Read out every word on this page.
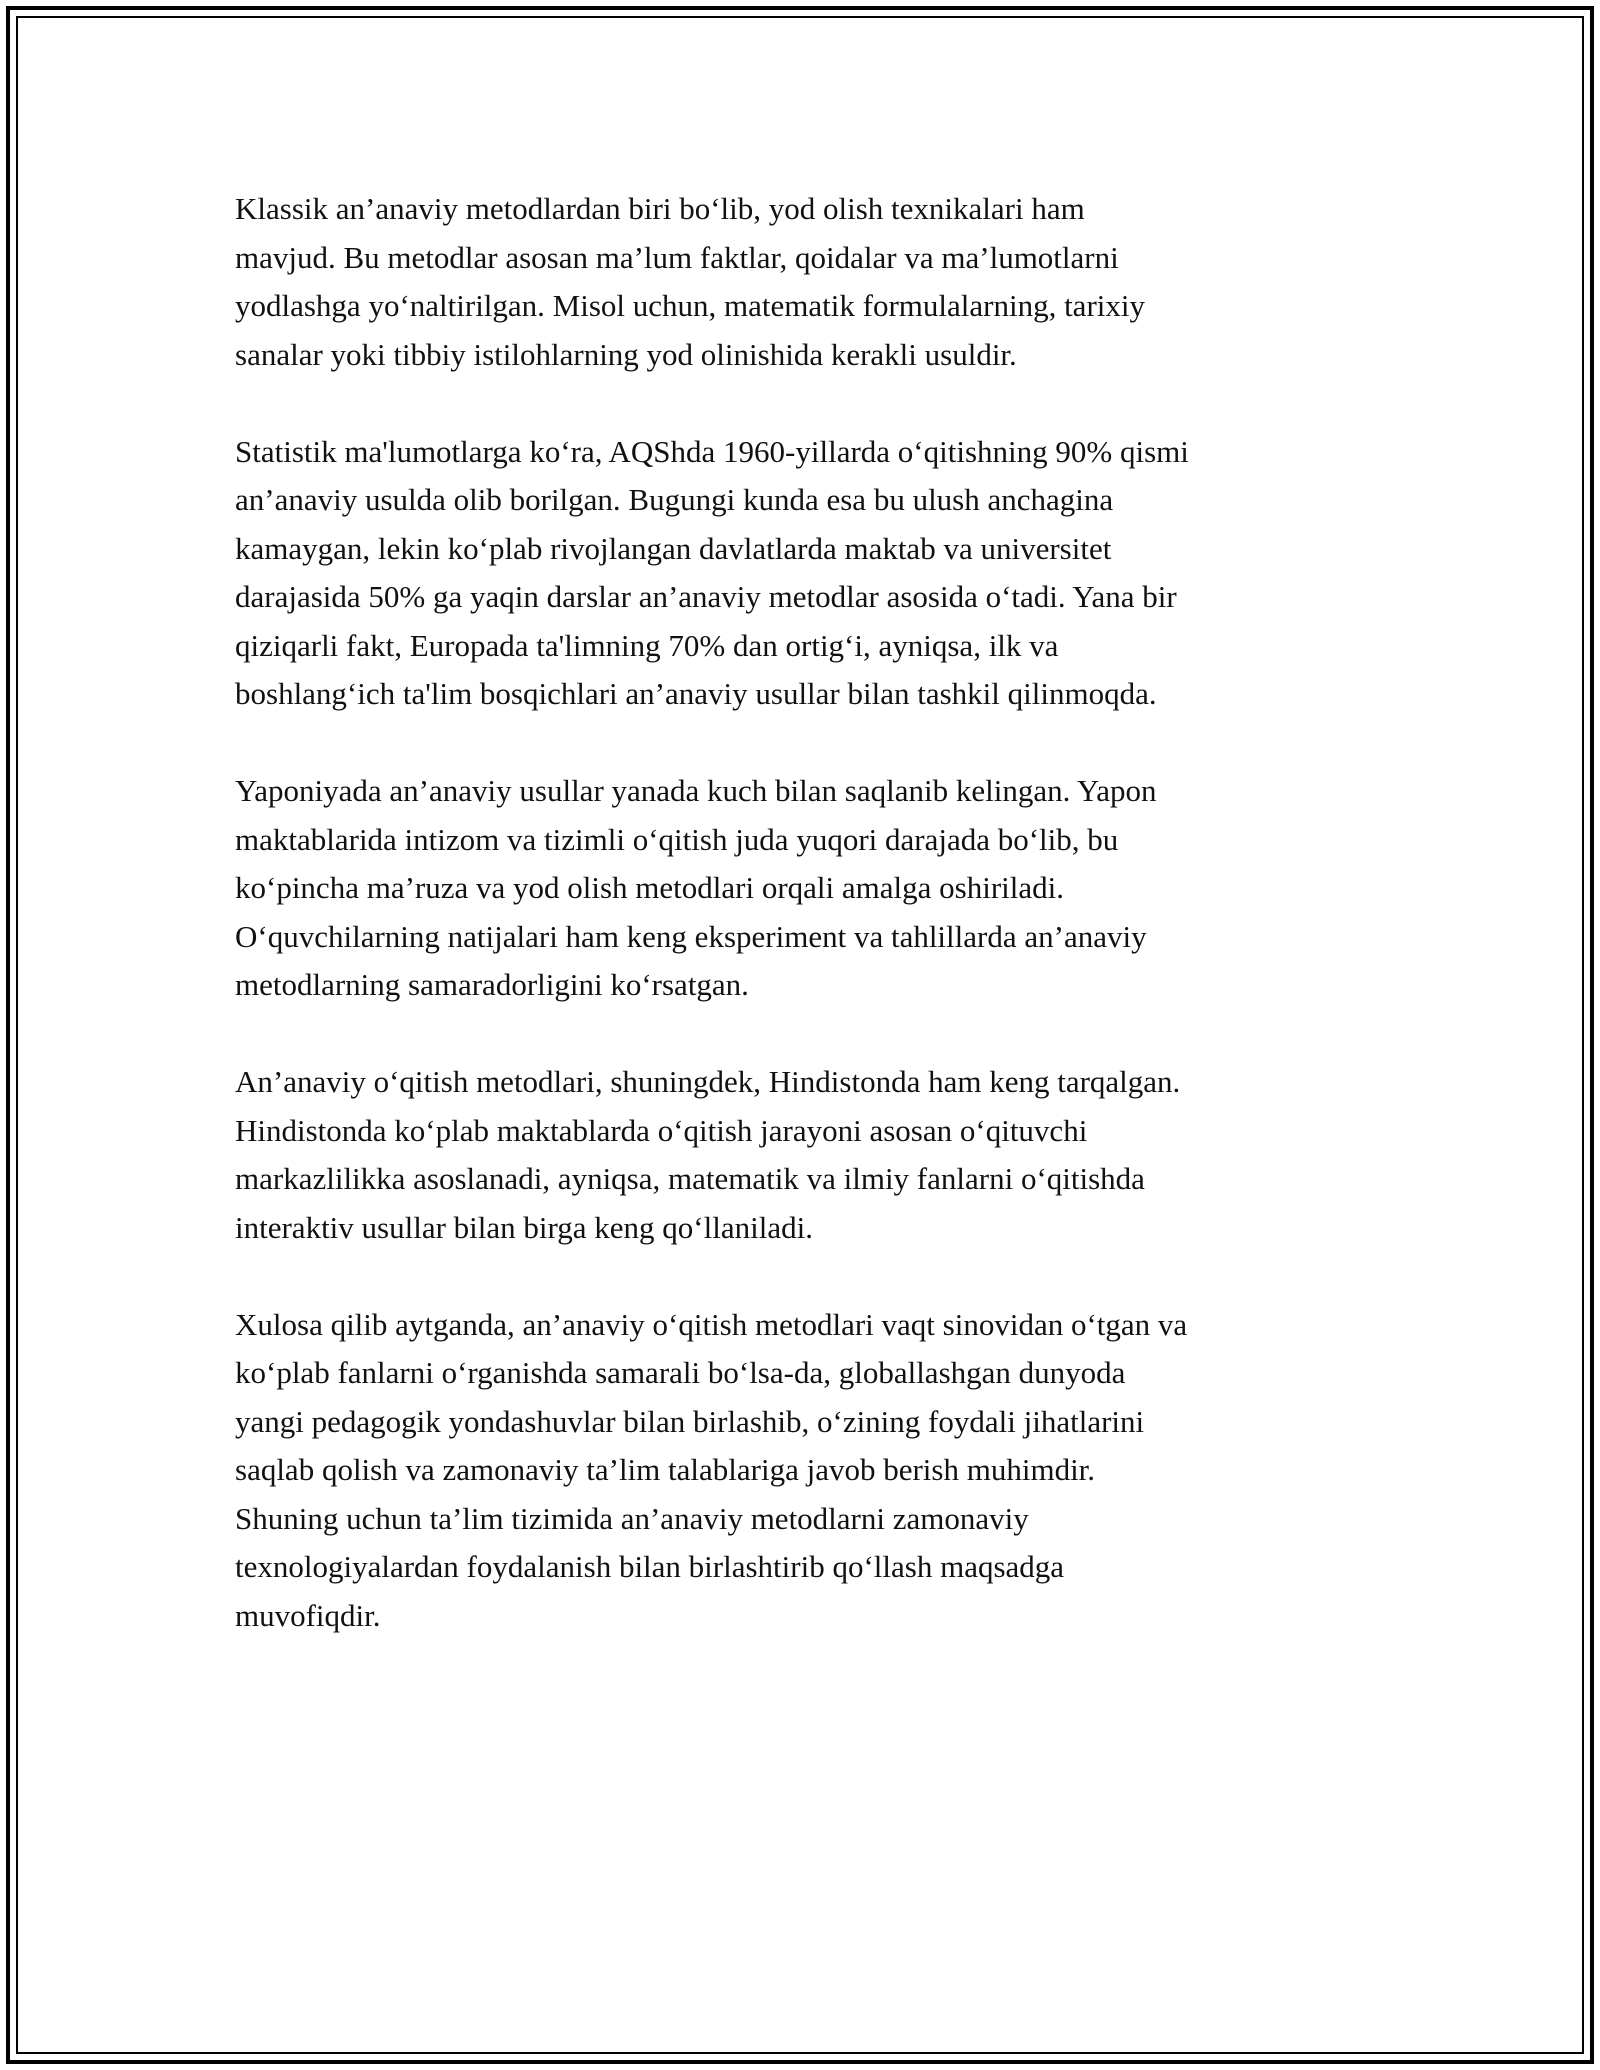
Klassik an’anaviy metodlardan biri bo‘lib, yod olish texnikalari ham
mavjud. Bu metodlar asosan ma’lum faktlar, qoidalar va ma’lumotlarni
yodlashga yo‘naltirilgan. Misol uchun, matematik formulalarning, tarixiy
sanalar yoki tibbiy istilohlarning yod olinishida kerakli usuldir.

Statistik ma'lumotlarga ko‘ra, AQShda 1960-yillarda o‘qitishning 90% qismi
an’anaviy usulda olib borilgan. Bugungi kunda esa bu ulush anchagina
kamaygan, lekin ko‘plab rivojlangan davlatlarda maktab va universitet
darajasida 50% ga yaqin darslar an’anaviy metodlar asosida o‘tadi. Yana bir
qiziqarli fakt, Europada ta'limning 70% dan ortig‘i, ayniqsa, ilk va
boshlang‘ich ta'lim bosqichlari an’anaviy usullar bilan tashkil qilinmoqda.

Yaponiyada an’anaviy usullar yanada kuch bilan saqlanib kelingan. Yapon
maktablarida intizom va tizimli o‘qitish juda yuqori darajada bo‘lib, bu
ko‘pincha ma’ruza va yod olish metodlari orqali amalga oshiriladi.
O‘quvchilarning natijalari ham keng eksperiment va tahlillarda an’anaviy
metodlarning samaradorligini ko‘rsatgan.

An’anaviy o‘qitish metodlari, shuningdek, Hindistonda ham keng tarqalgan.
Hindistonda ko‘plab maktablarda o‘qitish jarayoni asosan o‘qituvchi
markazlilikka asoslanadi, ayniqsa, matematik va ilmiy fanlarni o‘qitishda
interaktiv usullar bilan birga keng qo‘llaniladi.

Xulosa qilib aytganda, an’anaviy o‘qitish metodlari vaqt sinovidan o‘tgan va
ko‘plab fanlarni o‘rganishda samarali bo‘lsa-da, globallashgan dunyoda
yangi pedagogik yondashuvlar bilan birlashib, o‘zining foydali jihatlarini
saqlab qolish va zamonaviy ta’lim talablariga javob berish muhimdir.
Shuning uchun ta’lim tizimida an’anaviy metodlarni zamonaviy
texnologiyalardan foydalanish bilan birlashtirib qo‘llash maqsadga
muvofiqdir.
